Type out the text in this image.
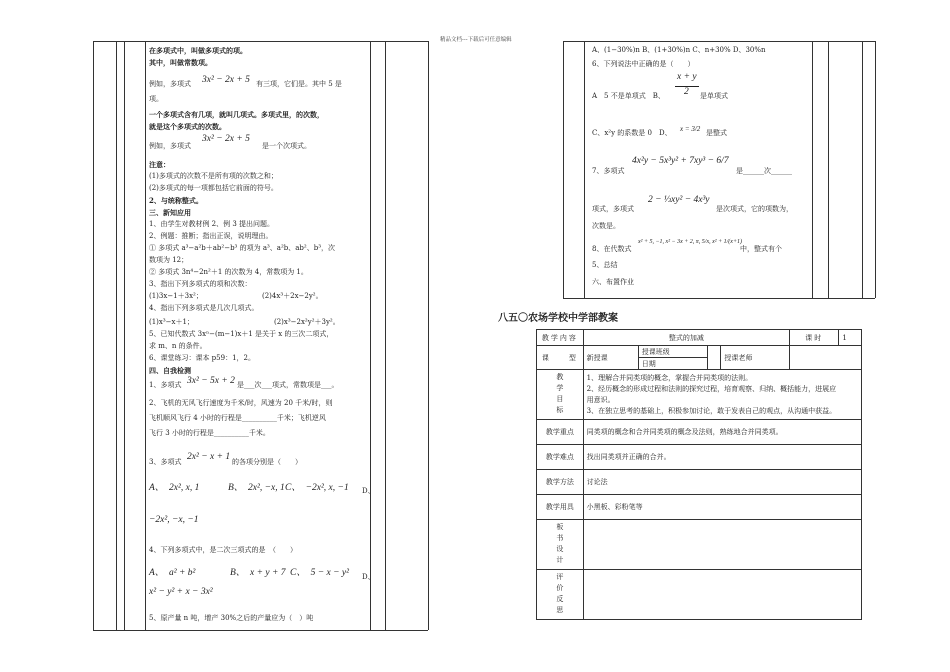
精品文档---下载后可任意编辑
在多项式中，叫做多项式的项。
其中，叫做常数项。
例如，多项式 3x² − 2x + 5 有三项，它们是。其中 5 是
项。
一个多项式含有几项，就叫几项式。多项式里，的次数，
就是这个多项式的次数。
例如，多项式
3x² − 2x + 5
是一个次项式。
注意：
(1)多项式的次数不是所有项的次数之和；
(2)多项式的每一项都包括它前面的符号。
2、与统称整式。
三、新知应用
1、由学生对教材例 2、例 3 提出问题。
2、例题：推断；指出正误，说明理由。
① 多项式 a³−a²b＋ab²−b³ 的项为 a³、a²b、ab²、b³，次
数项为 12；
② 多项式 3n⁴−2n²＋1 的次数为 4，常数项为 1。
3、指出下列多项式的项和次数：
(1)3x−1＋3x²；	(2)4x³＋2x−2y²。
4、指出下列多项式是几次几项式。
(1)x³−x＋1；	(2)x³−2x²y²＋3y²。
5、已知代数式 3xⁿ−(m−1)x＋1 是关于 x 的三次二项式，
求 m、n 的条件。
6、课堂练习：课本 p59：1，2。
四、自我检测
1、多项式 3x² − 5x + 2 是___次___项式，常数项是___。
2、飞机的无风飞行速度为千米/时，风速为 20 千米/时，则
飞机顺风飞行 4 小时的行程是__________千米；飞机逆风
飞行 3 小时的行程是__________千米。
3、多项式 2x² − x + 1 的各项分别是（　　）
A、　2x², x, 1	B、　2x², −x, 1 C、　−2x², x, −1 D、
−2x², −x, −1
4、下列多项式中，是二次三项式的是　（　　）
A、　a² + b²	B、　x + y + 7 C、　5 − x − y² D、
x² − y² + x − 3x²
5、原产量 n 吨，增产 30%之后的产量应为（　）吨
A、(1−30%)n B、(1+30%)n C、n+30% D、30%n
6、下列说法中正确的是（　　）
x + y
2
A　5 不是单项式　B、	是单项式
C、x²y 的系数是 0　D、 x = 3/2 是整式
7、多项式
4x²y − 5x³y² + 7xy³ − 6/7
是______次______
项式，多项式
2 − ⅓xy² − 4x³y
是次项式，它的项数为，
次数是。
8、在代数式
x² + 5, −1, x² − 3x + 2, π, 5/x, x² + 1/(x+1)
中，整式有个
5、总结
六、布置作业
八五〇农场学校中学部教案
教学内容	整式的加减				课时	1
课　　型	新授课	授课班级		授课老师		
		日期				
教学目标	1、理解合并同类项的概念，掌握合并同类项的法则。
2、经历概念的形成过程和法则的探究过程，培育观察、归纳、概括能力，进展应
用意识。
3、在独立思考的基础上，积极参加讨论，敢于发表自己的观点，从沟通中获益。					

教学重点	同类项的概念和合并同类项的概念及法则，熟练地合并同类项。					
教学难点	找出同类项并正确的合并。					
教学方法	讨论法					
教学用具	小黑板、彩粉笔等					
板书设计						
评价反思						
